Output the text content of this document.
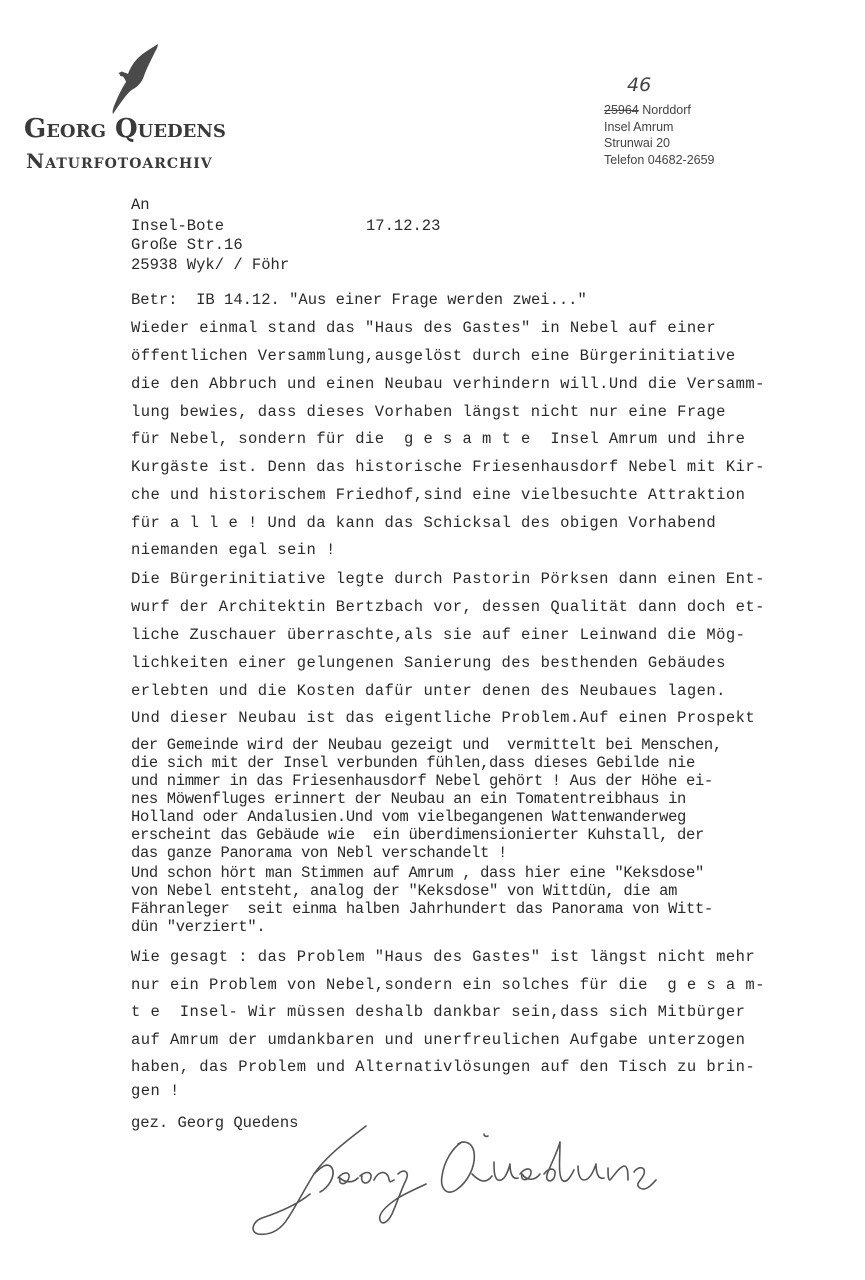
Georg Quedens
Naturfotoarchiv
46
25964 Norddorf
Insel Amrum
Strunwai 20
Telefon 04682-2659
An
Insel-Bote	17.12.23
Große Str.16
25938 Wyk/ / Föhr
Betr:  IB 14.12. "Aus einer Frage werden zwei..."
Wieder einmal stand das "Haus des Gastes" in Nebel auf einer
öffentlichen Versammlung,ausgelöst durch eine Bürgerinitiative
die den Abbruch und einen Neubau verhindern will.Und die Versamm-
lung bewies, dass dieses Vorhaben längst nicht nur eine Frage
für Nebel, sondern für die  g e s a m t e  Insel Amrum und ihre
Kurgäste ist. Denn das historische Friesenhausdorf Nebel mit Kir-
che und historischem Friedhof,sind eine vielbesuchte Attraktion
für a l l e ! Und da kann das Schicksal des obigen Vorhabend
niemanden egal sein !
Die Bürgerinitiative legte durch Pastorin Pörksen dann einen Ent-
wurf der Architektin Bertzbach vor, dessen Qualität dann doch et-
liche Zuschauer überraschte,als sie auf einer Leinwand die Mög-
lichkeiten einer gelungenen Sanierung des besthenden Gebäudes
erlebten und die Kosten dafür unter denen des Neubaues lagen.
Und dieser Neubau ist das eigentliche Problem.Auf einen Prospekt
der Gemeinde wird der Neubau gezeigt und  vermittelt bei Menschen,
die sich mit der Insel verbunden fühlen,dass dieses Gebilde nie
und nimmer in das Friesenhausdorf Nebel gehört ! Aus der Höhe ei-
nes Möwenfluges erinnert der Neubau an ein Tomatentreibhaus in
Holland oder Andalusien.Und vom vielbegangenen Wattenwanderweg
erscheint das Gebäude wie  ein überdimensionierter Kuhstall, der
das ganze Panorama von Nebl verschandelt !
Und schon hört man Stimmen auf Amrum , dass hier eine "Keksdose"
von Nebel entsteht, analog der "Keksdose" von Wittdün, die am
Fähranleger  seit einma halben Jahrhundert das Panorama von Witt-
dün "verziert".
Wie gesagt : das Problem "Haus des Gastes" ist längst nicht mehr
nur ein Problem von Nebel,sondern ein solches für die  g e s a m-
t e  Insel- Wir müssen deshalb dankbar sein,dass sich Mitbürger
auf Amrum der umdankbaren und unerfreulichen Aufgabe unterzogen
haben, das Problem und Alternativlösungen auf den Tisch zu brin-
gen !
gez. Georg Quedens
